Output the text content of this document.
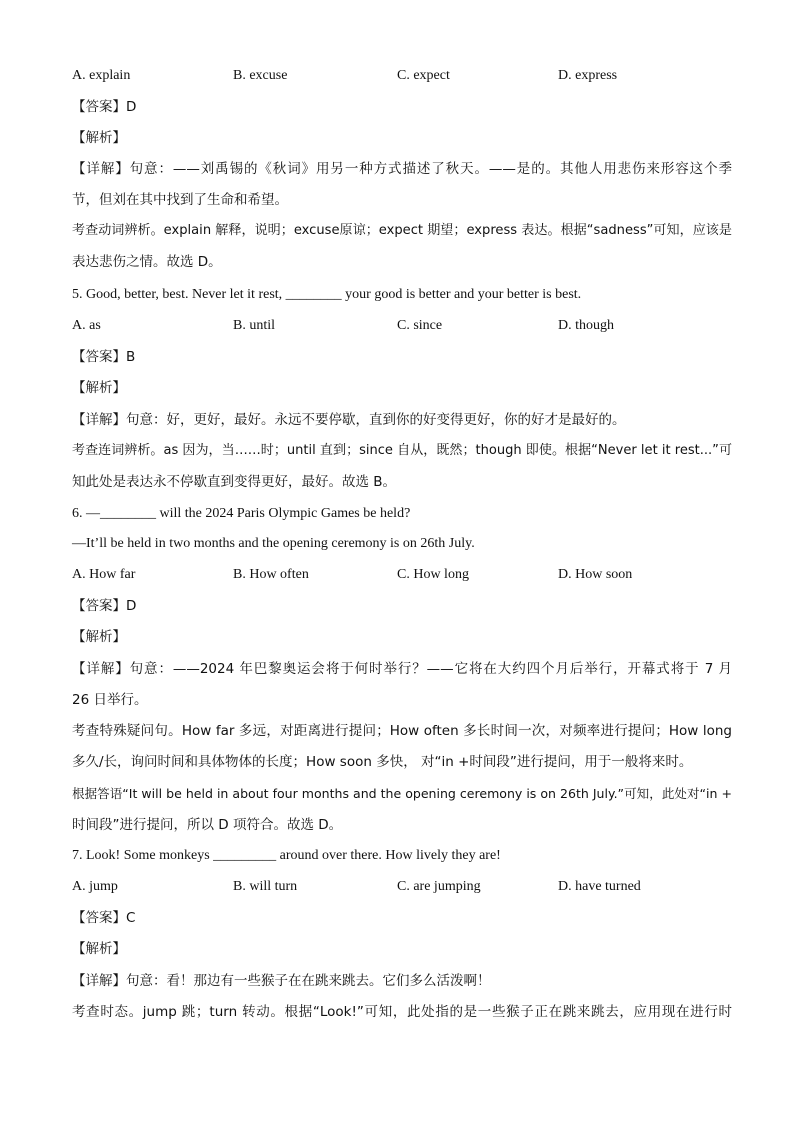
A. explain	B. excuse	C. expect	D. express
【答案】D
【解析】
【详解】句意：——刘禹锡的《秋词》用另一种方式描述了秋天。——是的。其他人用悲伤来形容这个季
节，但刘在其中找到了生命和希望。
考查动词辨析。explain 解释，说明；excuse原谅；expect 期望；express 表达。根据“sadness”可知，应该是
表达悲伤之情。故选 D。
5. Good, better, best. Never let it rest, ________ your good is better and your better is best.
A. as	B. until	C. since	D. though
【答案】B
【解析】
【详解】句意：好，更好，最好。永远不要停歇，直到你的好变得更好，你的好才是最好的。
考查连词辨析。as 因为，当……时；until 直到；since 自从，既然；though 即使。根据“Never let it rest...”可
知此处是表达永不停歇直到变得更好，最好。故选 B。
6. —________ will the 2024 Paris Olympic Games be held?
—It’ll be held in two months and the opening ceremony is on 26th July.
A. How far	B. How often	C. How long	D. How soon
【答案】D
【解析】
【详解】句意：——2024 年巴黎奥运会将于何时举行？——它将在大约四个月后举行，开幕式将于 7 月
26 日举行。
考查特殊疑问句。How far 多远，对距离进行提问；How often 多长时间一次，对频率进行提问；How long
多久/长，询问时间和具体物体的长度；How soon 多快， 对“in +时间段”进行提问，用于一般将来时。
根据答语“It will be held in about four months and the opening ceremony is on 26th July.”可知，此处对“in +
时间段”进行提问，所以 D 项符合。故选 D。
7. Look! Some monkeys _________ around over there. How lively they are!
A. jump	B. will turn	C. are jumping	D. have turned
【答案】C
【解析】
【详解】句意：看！那边有一些猴子在在跳来跳去。它们多么活泼啊！
考查时态。jump 跳；turn 转动。根据“Look!”可知，此处指的是一些猴子正在跳来跳去，应用现在进行时
